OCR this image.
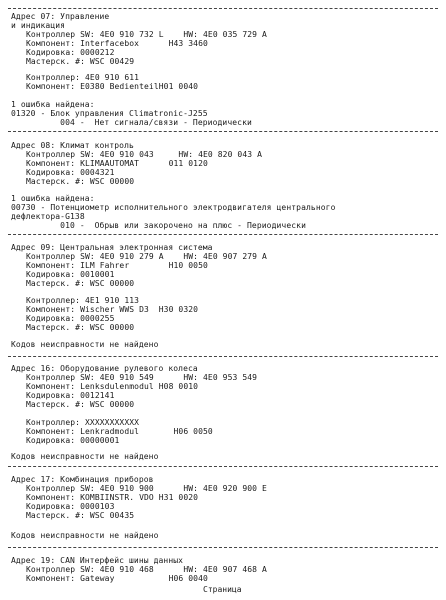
Адрес 07: Управление
и индикация
Контроллер SW: 4E0 910 732 L    HW: 4E0 035 729 A
Компонент: Interfacebox      H43 3460
Кодировка: 0000212
Мастерск. #: WSC 00429
Контроллер: 4E0 910 611
Компонент: E0380 BedienteilH01 0040
1 ошибка найдена:
01320 - Блок управления Climatronic-J255
004 -  Нет сигнала/связи - Периодически
Адрес 08: Климат контроль
Контроллер SW: 4E0 910 043     HW: 4E0 820 043 A
Компонент: KLIMAAUTOMAT      011 0120
Кодировка: 0004321
Мастерск. #: WSC 00000
1 ошибка найдена:
00730 - Потенциометр исполнительного электродвигателя центрального
дефлектора-G138
010 -  Обрыв или закорочено на плюс - Периодически
Адрес 09: Центральная электронная система
Контроллер SW: 4E0 910 279 A    HW: 4E0 907 279 A
Компонент: ILM Fahrer        H10 0050
Кодировка: 0010001
Мастерск. #: WSC 00000
Контроллер: 4E1 910 113
Компонент: Wischer WWS D3  H30 0320
Кодировка: 0000255
Мастерск. #: WSC 00000
Кодов неисправности не найдено
Адрес 16: Оборудование рулевого колеса
Контроллер SW: 4E0 910 549      HW: 4E0 953 549
Компонент: Lenksdulenmodul H08 0010
Кодировка: 0012141
Мастерск. #: WSC 00000
Контроллер: XXXXXXXXXXX
Компонент: Lenkradmodul       H06 0050
Кодировка: 00000001
Кодов неисправности не найдено
Адрес 17: Комбинация приборов
Контроллер SW: 4E0 910 900      HW: 4E0 920 900 E
Компонент: KOMBIINSTR. VDO H31 0020
Кодировка: 0000103
Мастерск. #: WSC 00435
Кодов неисправности не найдено
Адрес 19: CAN Интерфейс шины данных
Контроллер SW: 4E0 910 468      HW: 4E0 907 468 A
Компонент: Gateway           H06 0040
Страница
